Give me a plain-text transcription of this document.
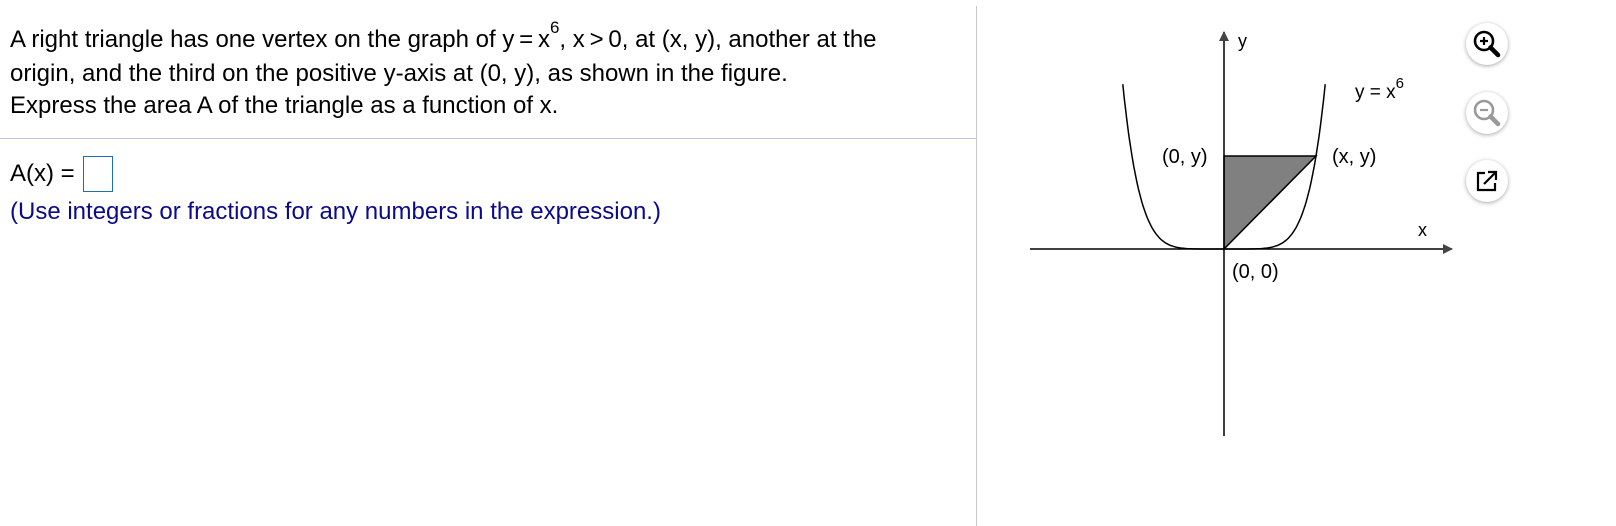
A right triangle has one vertex on the graph of $y = x^6$, x > 0, at (x, y), another at the
origin, and the third on the positive y-axis at (0, y), as shown in the figure.
Express the area A of the triangle as a function of x.
A(x) =
(Use integers or fractions for any numbers in the expression.)
y
x
$y = x^6$
(x, y)
(0, y)
(0, 0)
